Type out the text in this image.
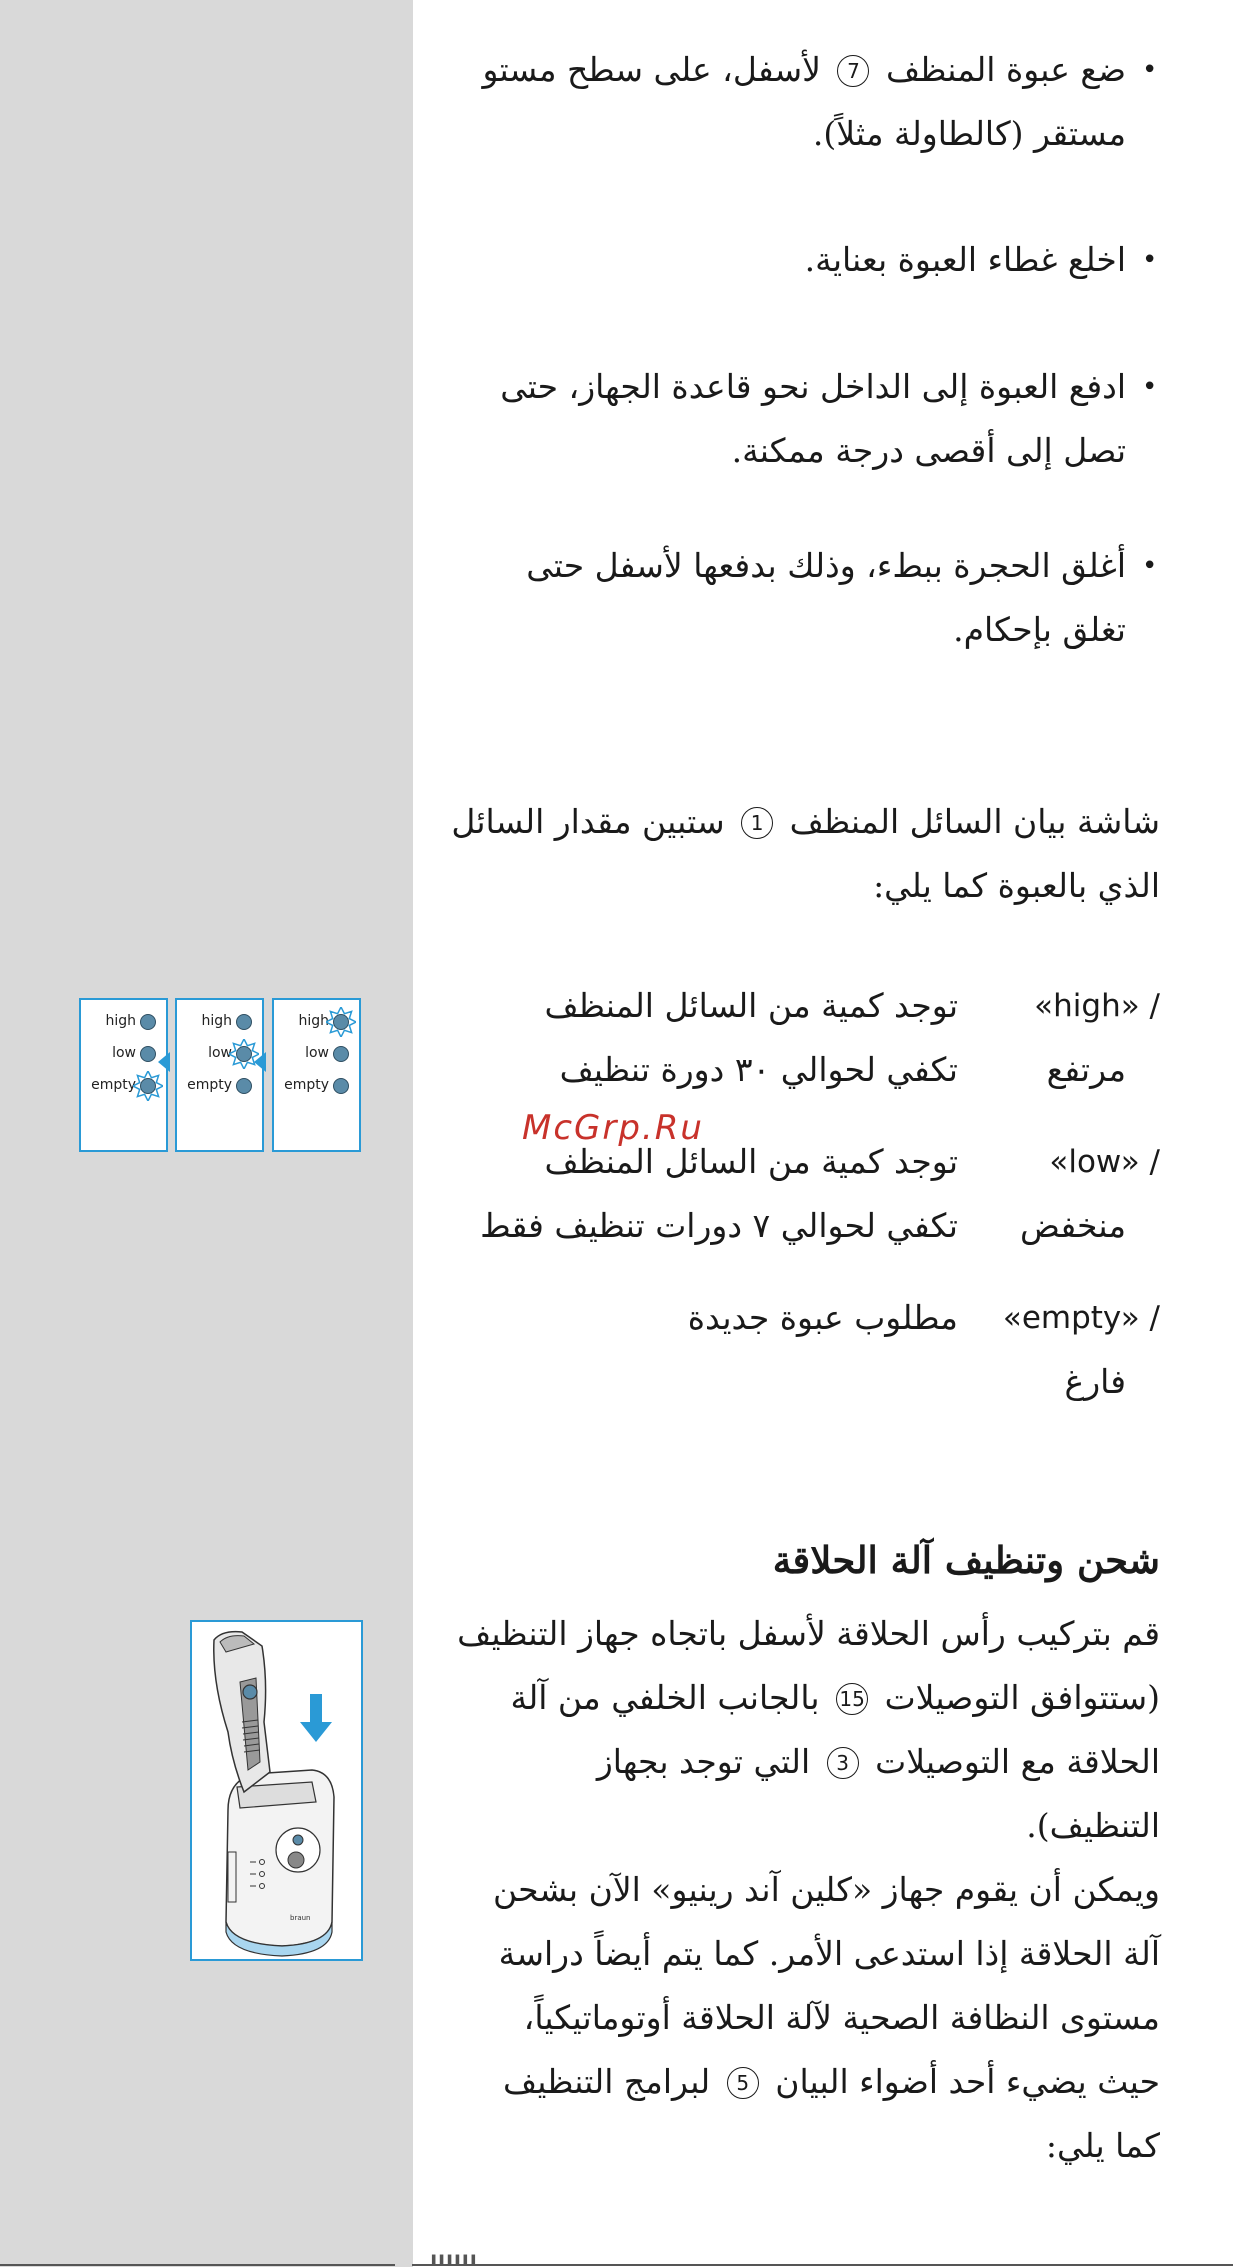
•
ضع عبوة المنظف 7 لأسفل، على سطح مستو
مستقر (كالطاولة مثلاً).
•
اخلع غطاء العبوة بعناية.
•
ادفع العبوة إلى الداخل نحو قاعدة الجهاز، حتى
تصل إلى أقصى درجة ممكنة.
•
أغلق الحجرة ببطء، وذلك بدفعها لأسفل حتى
تغلق بإحكام.
شاشة بيان السائل المنظف 1 ستبين مقدار السائل
الذي بالعبوة كما يلي:
high
low
empty
high
low
empty
high
low
empty
«high» /
مرتفع
توجد كمية من السائل المنظف
تكفي لحوالي ٣٠ دورة تنظيف
«low» /
منخفض
توجد كمية من السائل المنظف
تكفي لحوالي ٧ دورات تنظيف فقط
«empty» /
فارغ
مطلوب عبوة جديدة
McGrp.Ru
شحن وتنظيف آلة الحلاقة
قم بتركيب رأس الحلاقة لأسفل باتجاه جهاز التنظيف
(ستتوافق التوصيلات 15 بالجانب الخلفي من آلة
الحلاقة مع التوصيلات 3 التي توجد بجهاز
التنظيف).
ويمكن أن يقوم جهاز «كلين آند رينيو» الآن بشحن
آلة الحلاقة إذا استدعى الأمر. كما يتم أيضاً دراسة
مستوى النظافة الصحية لآلة الحلاقة أوتوماتيكياً،
حيث يضيء أحد أضواء البيان 5 لبرامج التنظيف
كما يلي:
braun
▌▌▌▌▌▌
